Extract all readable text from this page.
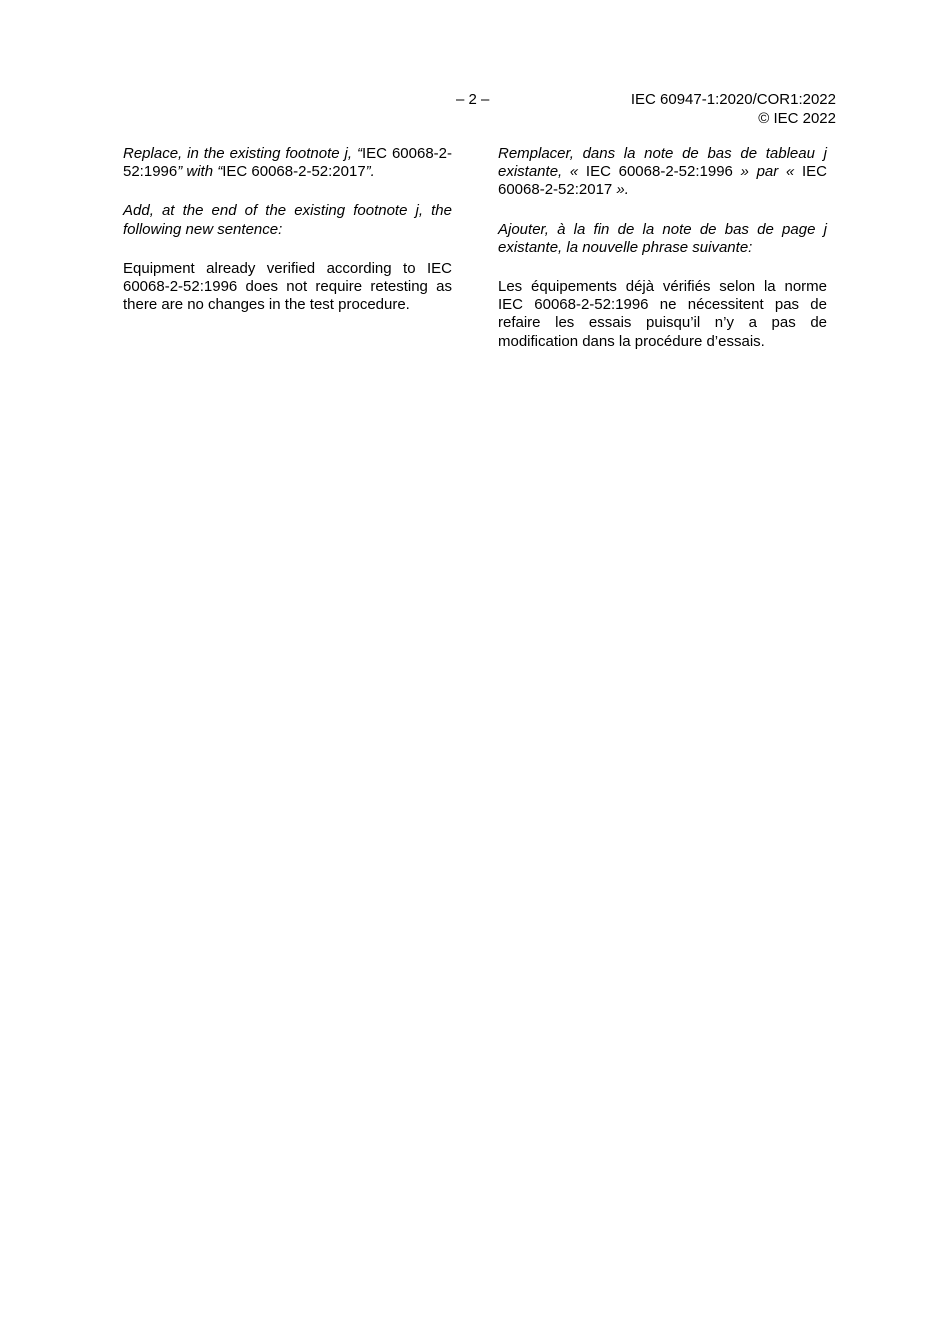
– 2 –	IEC 60947-1:2020/COR1:2022
© IEC 2022

Replace, in the existing footnote j, “IEC 60068-2-52:1996” with “IEC 60068-2-52:2017”.

Add, at the end of the existing footnote j, the following new sentence:

Equipment already verified according to IEC 60068-2-52:1996 does not require retesting as there are no changes in the test procedure.

Remplacer, dans la note de bas de tableau j existante, « IEC 60068-2-52:1996 » par « IEC 60068-2-52:2017 ».

Ajouter, à la fin de la note de bas de page j existante, la nouvelle phrase suivante:

Les équipements déjà vérifiés selon la norme IEC 60068-2-52:1996 ne nécessitent pas de refaire les essais puisqu’il n’y a pas de modification dans la procédure d’essais.
